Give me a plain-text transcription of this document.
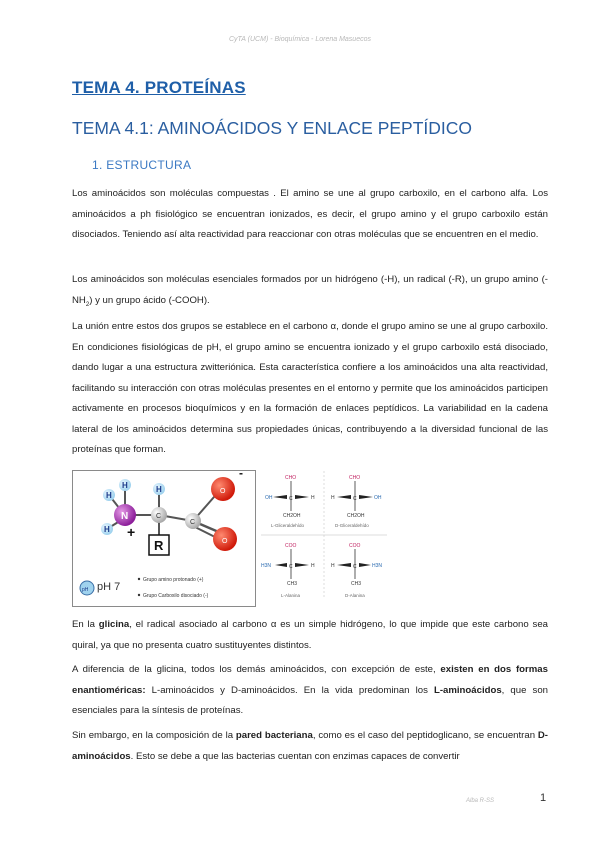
CyTA (UCM) - Bioquímica - Lorena Masuecos
TEMA 4. PROTEÍNAS
TEMA 4.1: AMINOÁCIDOS Y ENLACE PEPTÍDICO
1. ESTRUCTURA

Los aminoácidos son moléculas compuestas . El amino se une al grupo carboxilo, en el carbono alfa. Los aminoácidos a ph fisiológico se encuentran ionizados, es decir, el grupo amino y el grupo carboxilo están disociados. Teniendo así alta reactividad para reaccionar con otras moléculas que se encuentren en el medio.

Los aminoácidos son moléculas esenciales formados por un hidrógeno (-H), un radical (-R), un grupo amino $(-NH_2)$ y un grupo ácido (-COOH).

La unión entre estos dos grupos se establece en el carbono α, donde el grupo amino se une al grupo carboxilo. En condiciones fisiológicas de pH, el grupo amino se encuentra ionizado y el grupo carboxilo está disociado, dando lugar a una estructura zwitteriónica. Esta característica confiere a los aminoácidos una alta reactividad, facilitando su interacción con otras moléculas presentes en el entorno y permite que los aminoácidos participen activamente en procesos bioquímicos y en la formación de enlaces peptídicos. La variabilidad en la cadena lateral de los aminoácidos determina sus propiedades únicas, contribuyendo a la diversidad funcional de las proteínas que forman.

H
H
H
N
+
H
C
R
C
O
-
O
pH pH 7
Grupo amino protonado (+)
Grupo Carboxilo disociado (-)
CHO
OH	H
C
CH2OH
L-Gliceraldehído
CHO
H	OH
C
CH2OH
D-Gliceraldehído
COO
H3N	H
C
CH3
L-Alanina
COO
H	H3N
C
CH3
D-Alanina

En la glicina, el radical asociado al carbono α es un simple hidrógeno, lo que impide que este carbono sea quiral, ya que no presenta cuatro sustituyentes distintos.

A diferencia de la glicina, todos los demás aminoácidos, con excepción de este, existen en dos formas enantioméricas: L-aminoácidos y D-aminoácidos. En la vida predominan los L-aminoácidos, que son esenciales para la síntesis de proteínas.

Sin embargo, en la composición de la pared bacteriana, como es el caso del peptidoglicano, se encuentran D-aminoácidos. Esto se debe a que las bacterias cuentan con enzimas capaces de convertir

Alba R-SS	1
